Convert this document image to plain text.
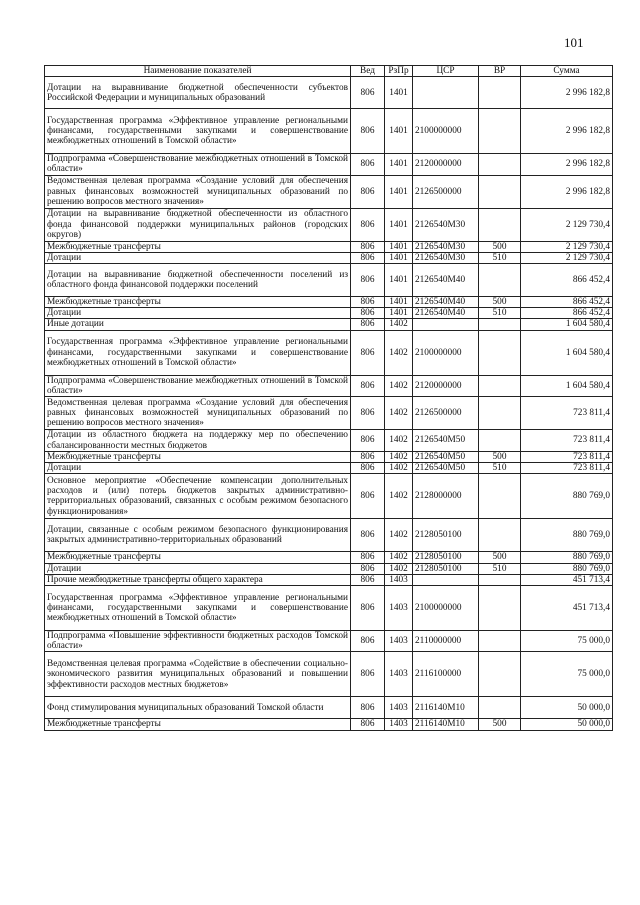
101
Наименование показателей	Вед	РзПр	ЦСР	ВР	Сумма
Дотации на выравнивание бюджетной обеспеченности субъектов Российской Федерации и муниципальных образований	806	1401			2 996 182,8
Государственная программа «Эффективное управление региональными финансами, государственными закупками и совершенствование межбюджетных отношений в Томской области»	806	1401	2100000000		2 996 182,8
Подпрограмма «Совершенствование межбюджетных отношений в Томской области»	806	1401	2120000000		2 996 182,8
Ведомственная целевая программа «Создание условий для обеспечения равных финансовых возможностей муниципальных образований по решению вопросов местного значения»	806	1401	2126500000		2 996 182,8
Дотации на выравнивание бюджетной обеспеченности из областного фонда финансовой поддержки муниципальных районов (городских округов)	806	1401	2126540М30		2 129 730,4
Межбюджетные трансферты	806	1401	2126540М30	500	2 129 730,4
Дотации	806	1401	2126540М30	510	2 129 730,4
Дотации на выравнивание бюджетной обеспеченности поселений из областного фонда финансовой поддержки поселений	806	1401	2126540М40		866 452,4
Межбюджетные трансферты	806	1401	2126540М40	500	866 452,4
Дотации	806	1401	2126540М40	510	866 452,4
Иные дотации	806	1402			1 604 580,4
Государственная программа «Эффективное управление региональными финансами, государственными закупками и совершенствование межбюджетных отношений в Томской области»	806	1402	2100000000		1 604 580,4
Подпрограмма «Совершенствование межбюджетных отношений в Томской области»	806	1402	2120000000		1 604 580,4
Ведомственная целевая программа «Создание условий для обеспечения равных финансовых возможностей муниципальных образований по решению вопросов местного значения»	806	1402	2126500000		723 811,4
Дотации из областного бюджета на поддержку мер по обеспечению сбалансированности местных бюджетов	806	1402	2126540М50		723 811,4
Межбюджетные трансферты	806	1402	2126540М50	500	723 811,4
Дотации	806	1402	2126540М50	510	723 811,4
Основное мероприятие «Обеспечение компенсации дополнительных расходов и (или) потерь бюджетов закрытых административно-территориальных образований, связанных с особым режимом безопасного функционирования»	806	1402	2128000000		880 769,0
Дотации, связанные с особым режимом безопасного функционирования закрытых административно-территориальных образований	806	1402	2128050100		880 769,0
Межбюджетные трансферты	806	1402	2128050100	500	880 769,0
Дотации	806	1402	2128050100	510	880 769,0
Прочие межбюджетные трансферты общего характера	806	1403			451 713,4
Государственная программа «Эффективное управление региональными финансами, государственными закупками и совершенствование межбюджетных отношений в Томской области»	806	1403	2100000000		451 713,4
Подпрограмма «Повышение эффективности бюджетных расходов Томской области»	806	1403	2110000000		75 000,0
Ведомственная целевая программа «Содействие в обеспечении социально-экономического развития муниципальных образований и повышении эффективности расходов местных бюджетов»	806	1403	2116100000		75 000,0
Фонд стимулирования муниципальных образований Томской области	806	1403	2116140М10		50 000,0
Межбюджетные трансферты	806	1403	2116140М10	500	50 000,0
